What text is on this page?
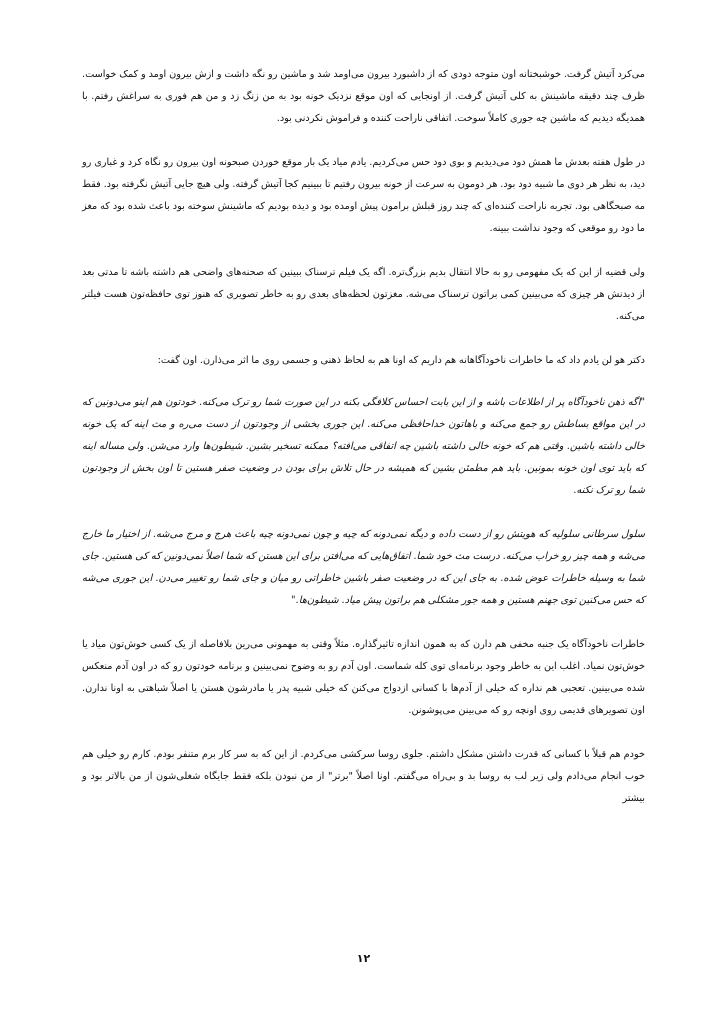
می‌کرد آتیش گرفت. خوشبختانه اون متوجه دودی که از داشبورد بیرون می‌اومد شد و ماشین رو نگه داشت و ازش بیرون اومد و کمک خواست. ظرف چند دقیقه ماشینش به کلی آتیش گرفت. از اونجایی که اون موقع نزدیک خونه بود به من زنگ زد و من هم فوری به سراغش رفتم. با همدیگه دیدیم که ماشین چه جوری کاملاً سوخت. اتفاقی ناراحت کننده و فراموش نکردنی بود.

در طول هفته بعدش ما همش دود می‌دیدیم و بوی دود حس می‌کردیم. یادم میاد یک بار موقع خوردن صبحونه اون بیرون رو نگاه کرد و غباری رو دید، به نظر هر دوی ما شبیه دود بود. هر دومون به سرعت از خونه بیرون رفتیم تا ببینیم کجا آتیش گرفته. ولی هیچ جایی آتیش نگرفته بود. فقط مه صبحگاهی بود. تجربه ناراحت کننده‌ای که چند روز قبلش برامون پیش اومده بود و دیده بودیم که ماشینش سوخته بود باعث شده بود که مغز ما دود رو موقعی که وجود نداشت ببینه.

ولی قضیه از این که یک مفهومی رو به حالا انتقال بدیم بزرگ‌تره. اگه یک فیلم ترسناک ببینین که صحنه‌های واضحی هم داشته باشه تا مدتی بعد از دیدنش هر چیزی که می‌بینین کمی براتون ترسناک می‌شه. مغزتون لحظه‌های بعدی رو به خاطر تصویری که هنوز توی حافظه‌تون هست فیلتر می‌کنه.

دکتر هو لن یادم داد که ما خاطرات ناخودآگاهانه هم داریم که اونا هم به لحاظ ذهنی و جسمی روی ما اثر می‌ذارن. اون گفت:

"اگه ذهن ناخودآگاه پر از اطلاعات باشه و از این بابت احساس کلافگی بکنه در این صورت شما رو ترک می‌کنه. خودتون هم اینو می‌دونین که در این مواقع بساطش رو جمع می‌کنه و باهاتون خداحافظی می‌کنه. این جوری بخشی از وجودتون از دست می‌ره و مث اینه که یک خونه خالی داشته باشین. وقتی هم که خونه خالی داشته باشین چه اتفاقی می‌افته؟ ممکنه تسخیر بشین. شیطون‌ها وارد می‌شن. ولی مساله اینه که باید توی اون خونه بمونین. باید هم مطمئن بشین که همیشه در حال تلاش برای بودن در وضعیت صفر هستین تا اون بخش از وجودتون شما رو ترک نکنه.

سلول سرطانی سلولیه که هویتش رو از دست داده و دیگه نمی‌دونه که چیه و چون نمی‌دونه چیه باعث هرج و مرج می‌شه. از اختیار ما خارج می‌شه و همه چیز رو خراب می‌کنه. درست مث خود شما. اتفاق‌هایی که می‌افتن برای این هستن که شما اصلاً نمی‌دونین که کی هستین. جای شما به وسیله خاطرات عوض شده. به جای این که در وضعیت صفر باشین خاطراتی رو میان و جای شما رو تغییر می‌دن. این جوری می‌شه که حس می‌کنین توی جهنم هستین و همه جور مشکلی هم براتون پیش میاد. شیطون‌ها."

خاطرات ناخودآگاه یک جنبه مخفی هم دارن که به همون اندازه تاثیرگذاره. مثلاً وقتی به مهمونی می‌رین بلافاصله از یک کسی خوش‌تون میاد یا خوش‌تون نمیاد. اغلب این به خاطر وجود برنامه‌ای توی کله شماست. اون آدم رو به وضوح نمی‌بینین و برنامه خودتون رو که در اون آدم منعکس شده می‌بینین. تعجبی هم نداره که خیلی از آدم‌ها با کسانی ازدواج می‌کنن که خیلی شبیه پدر یا مادرشون هستن یا اصلاً شباهتی به اونا ندارن. اون تصویرهای قدیمی روی اونچه رو که می‌بینن می‌پوشونن.

خودم هم قبلاً با کسانی که قدرت داشتن مشکل داشتم. جلوی روسا سرکشی می‌کردم. از این که به سر کار برم متنفر بودم. کارم رو خیلی هم خوب انجام می‌دادم ولی زیر لب به روسا بد و بی‌راه می‌گفتم. اونا اصلاً "برتر" از من نبودن بلکه فقط جایگاه شغلی‌شون از من بالاتر بود و بیشتر

۱۲
